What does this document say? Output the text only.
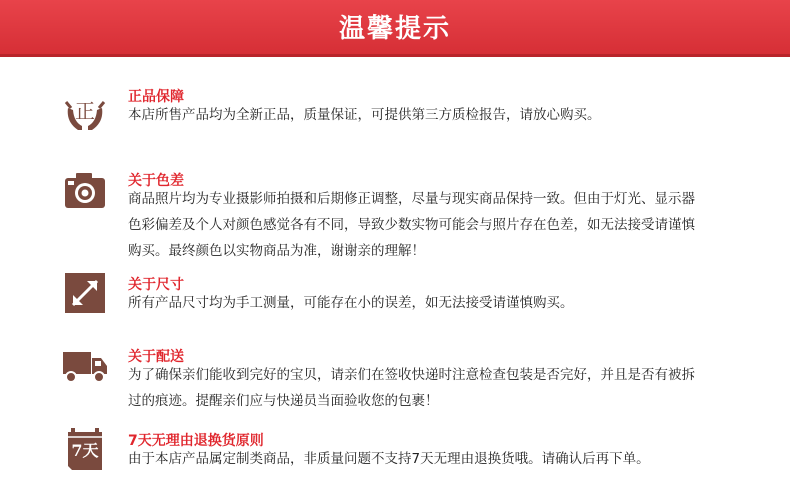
温馨提示
正
正品保障
本店所售产品均为全新正品，质量保证，可提供第三方质检报告，请放心购买。
关于色差
商品照片均为专业摄影师拍摄和后期修正调整，尽量与现实商品保持一致。但由于灯光、显示器
色彩偏差及个人对颜色感觉各有不同，导致少数实物可能会与照片存在色差，如无法接受请谨慎
购买。最终颜色以实物商品为准，谢谢亲的理解！
关于尺寸
所有产品尺寸均为手工测量，可能存在小的误差，如无法接受请谨慎购买。
关于配送
为了确保亲们能收到完好的宝贝，请亲们在签收快递时注意检查包装是否完好，并且是否有被拆
过的痕迹。提醒亲们应与快递员当面验收您的包裹！
7天	7天无理由退换货原则
由于本店产品属定制类商品，非质量问题不支持7天无理由退换货哦。请确认后再下单。
